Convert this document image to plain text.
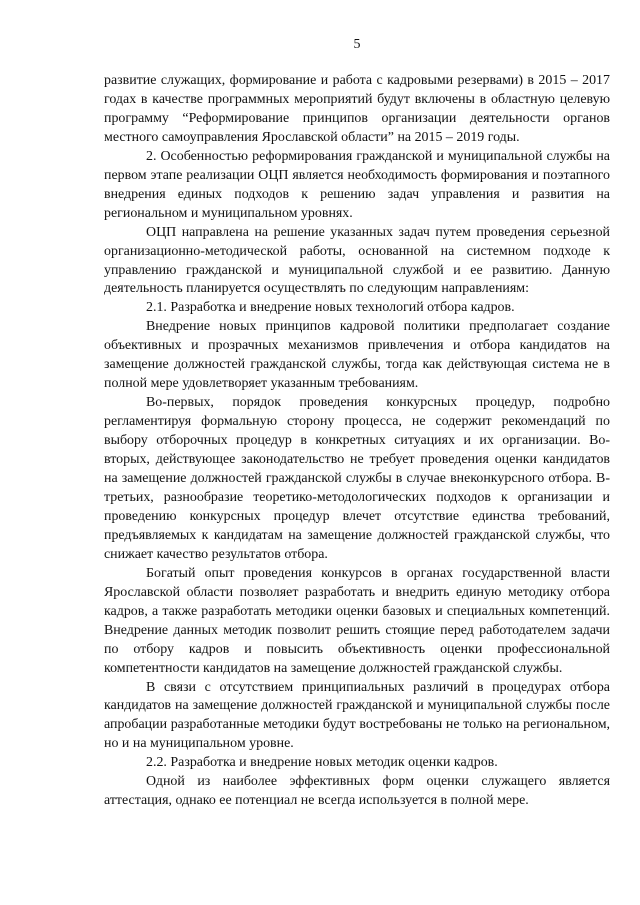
5

развитие служащих, формирование и работа с кадровыми резервами) в 2015 – 2017 годах в качестве программных мероприятий будут включены в областную целевую программу “Реформирование принципов организации деятельности органов местного самоуправления Ярославской области” на 2015 – 2019 годы.

2. Особенностью реформирования гражданской и муниципальной службы на первом этапе реализации ОЦП является необходимость формирования и поэтапного внедрения единых подходов к решению задач управления и развития на региональном и муниципальном уровнях.

ОЦП направлена на решение указанных задач путем проведения серьезной организационно-методической работы, основанной на системном подходе к управлению гражданской и муниципальной службой и ее развитию. Данную деятельность планируется осуществлять по следующим направлениям:

2.1. Разработка и внедрение новых технологий отбора кадров.

Внедрение новых принципов кадровой политики предполагает создание объективных и прозрачных механизмов привлечения и отбора кандидатов на замещение должностей гражданской службы, тогда как действующая система не в полной мере удовлетворяет указанным требованиям.

Во-первых, порядок проведения конкурсных процедур, подробно регламентируя формальную сторону процесса, не содержит рекомендаций по выбору отборочных процедур в конкретных ситуациях и их организации. Во-вторых, действующее законодательство не требует проведения оценки кандидатов на замещение должностей гражданской службы в случае внеконкурсного отбора. В-третьих, разнообразие теоретико-методологических подходов к организации и проведению конкурсных процедур влечет отсутствие единства требований, предъявляемых к кандидатам на замещение должностей гражданской службы, что снижает качество результатов отбора.

Богатый опыт проведения конкурсов в органах государственной власти Ярославской области позволяет разработать и внедрить единую методику отбора кадров, а также разработать методики оценки базовых и специальных компетенций. Внедрение данных методик позволит решить стоящие перед работодателем задачи по отбору кадров и повысить объективность оценки профессиональной компетентности кандидатов на замещение должностей гражданской службы.

В связи с отсутствием принципиальных различий в процедурах отбора кандидатов на замещение должностей гражданской и муниципальной службы после апробации разработанные методики будут востребованы не только на региональном, но и на муниципальном уровне.

2.2. Разработка и внедрение новых методик оценки кадров.

Одной из наиболее эффективных форм оценки служащего является аттестация, однако ее потенциал не всегда используется в полной мере.
